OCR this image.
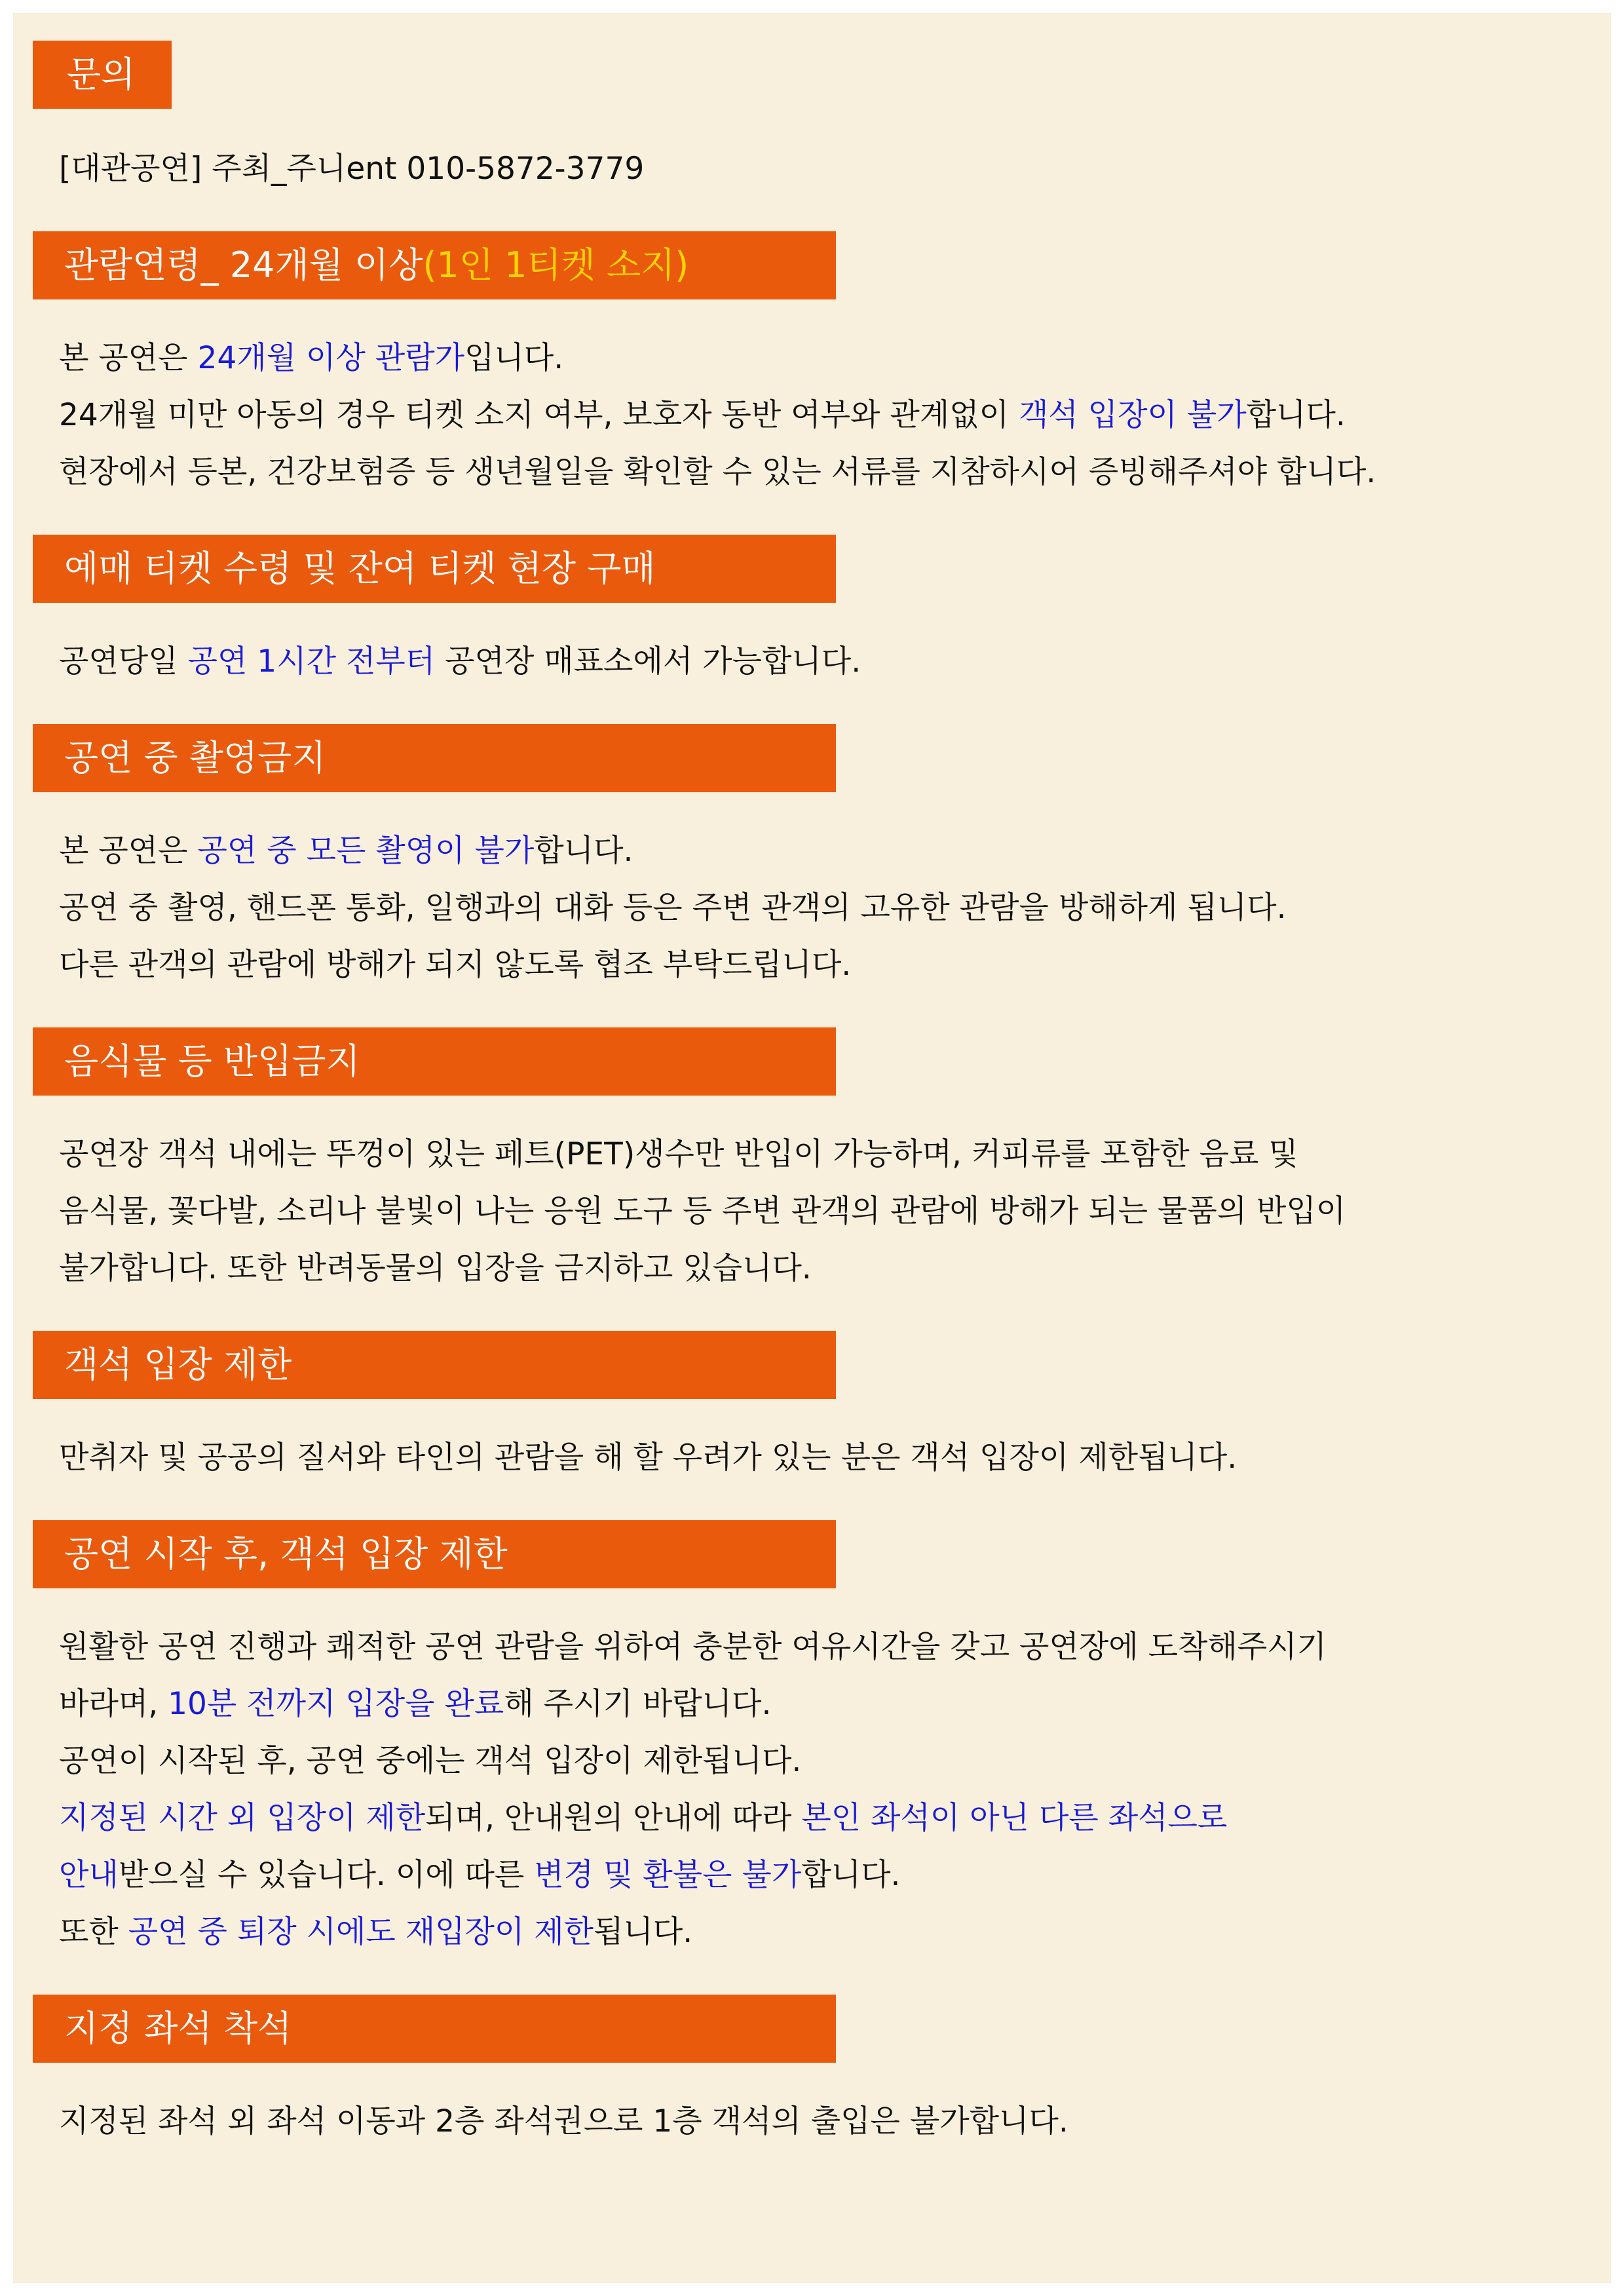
문의
[대관공연] 주최_주니ent 010-5872-3779
관람연령_ 24개월 이상(1인 1티켓 소지)
본 공연은 24개월 이상 관람가입니다.
24개월 미만 아동의 경우 티켓 소지 여부, 보호자 동반 여부와 관계없이 객석 입장이 불가합니다.
현장에서 등본, 건강보험증 등 생년월일을 확인할 수 있는 서류를 지참하시어 증빙해주셔야 합니다.
예매 티켓 수령 및 잔여 티켓 현장 구매
공연당일 공연 1시간 전부터 공연장 매표소에서 가능합니다.
공연 중 촬영금지
본 공연은 공연 중 모든 촬영이 불가합니다.
공연 중 촬영, 핸드폰 통화, 일행과의 대화 등은 주변 관객의 고유한 관람을 방해하게 됩니다.
다른 관객의 관람에 방해가 되지 않도록 협조 부탁드립니다.
음식물 등 반입금지
공연장 객석 내에는 뚜껑이 있는 페트(PET)생수만 반입이 가능하며, 커피류를 포함한 음료 및
음식물, 꽃다발, 소리나 불빛이 나는 응원 도구 등 주변 관객의 관람에 방해가 되는 물품의 반입이
불가합니다. 또한 반려동물의 입장을 금지하고 있습니다.
객석 입장 제한
만취자 및 공공의 질서와 타인의 관람을 해 할 우려가 있는 분은 객석 입장이 제한됩니다.
공연 시작 후, 객석 입장 제한
원활한 공연 진행과 쾌적한 공연 관람을 위하여 충분한 여유시간을 갖고 공연장에 도착해주시기
바라며, 10분 전까지 입장을 완료해 주시기 바랍니다.
공연이 시작된 후, 공연 중에는 객석 입장이 제한됩니다.
지정된 시간 외 입장이 제한되며, 안내원의 안내에 따라 본인 좌석이 아닌 다른 좌석으로
안내받으실 수 있습니다. 이에 따른 변경 및 환불은 불가합니다.
또한 공연 중 퇴장 시에도 재입장이 제한됩니다.
지정 좌석 착석
지정된 좌석 외 좌석 이동과 2층 좌석권으로 1층 객석의 출입은 불가합니다.
